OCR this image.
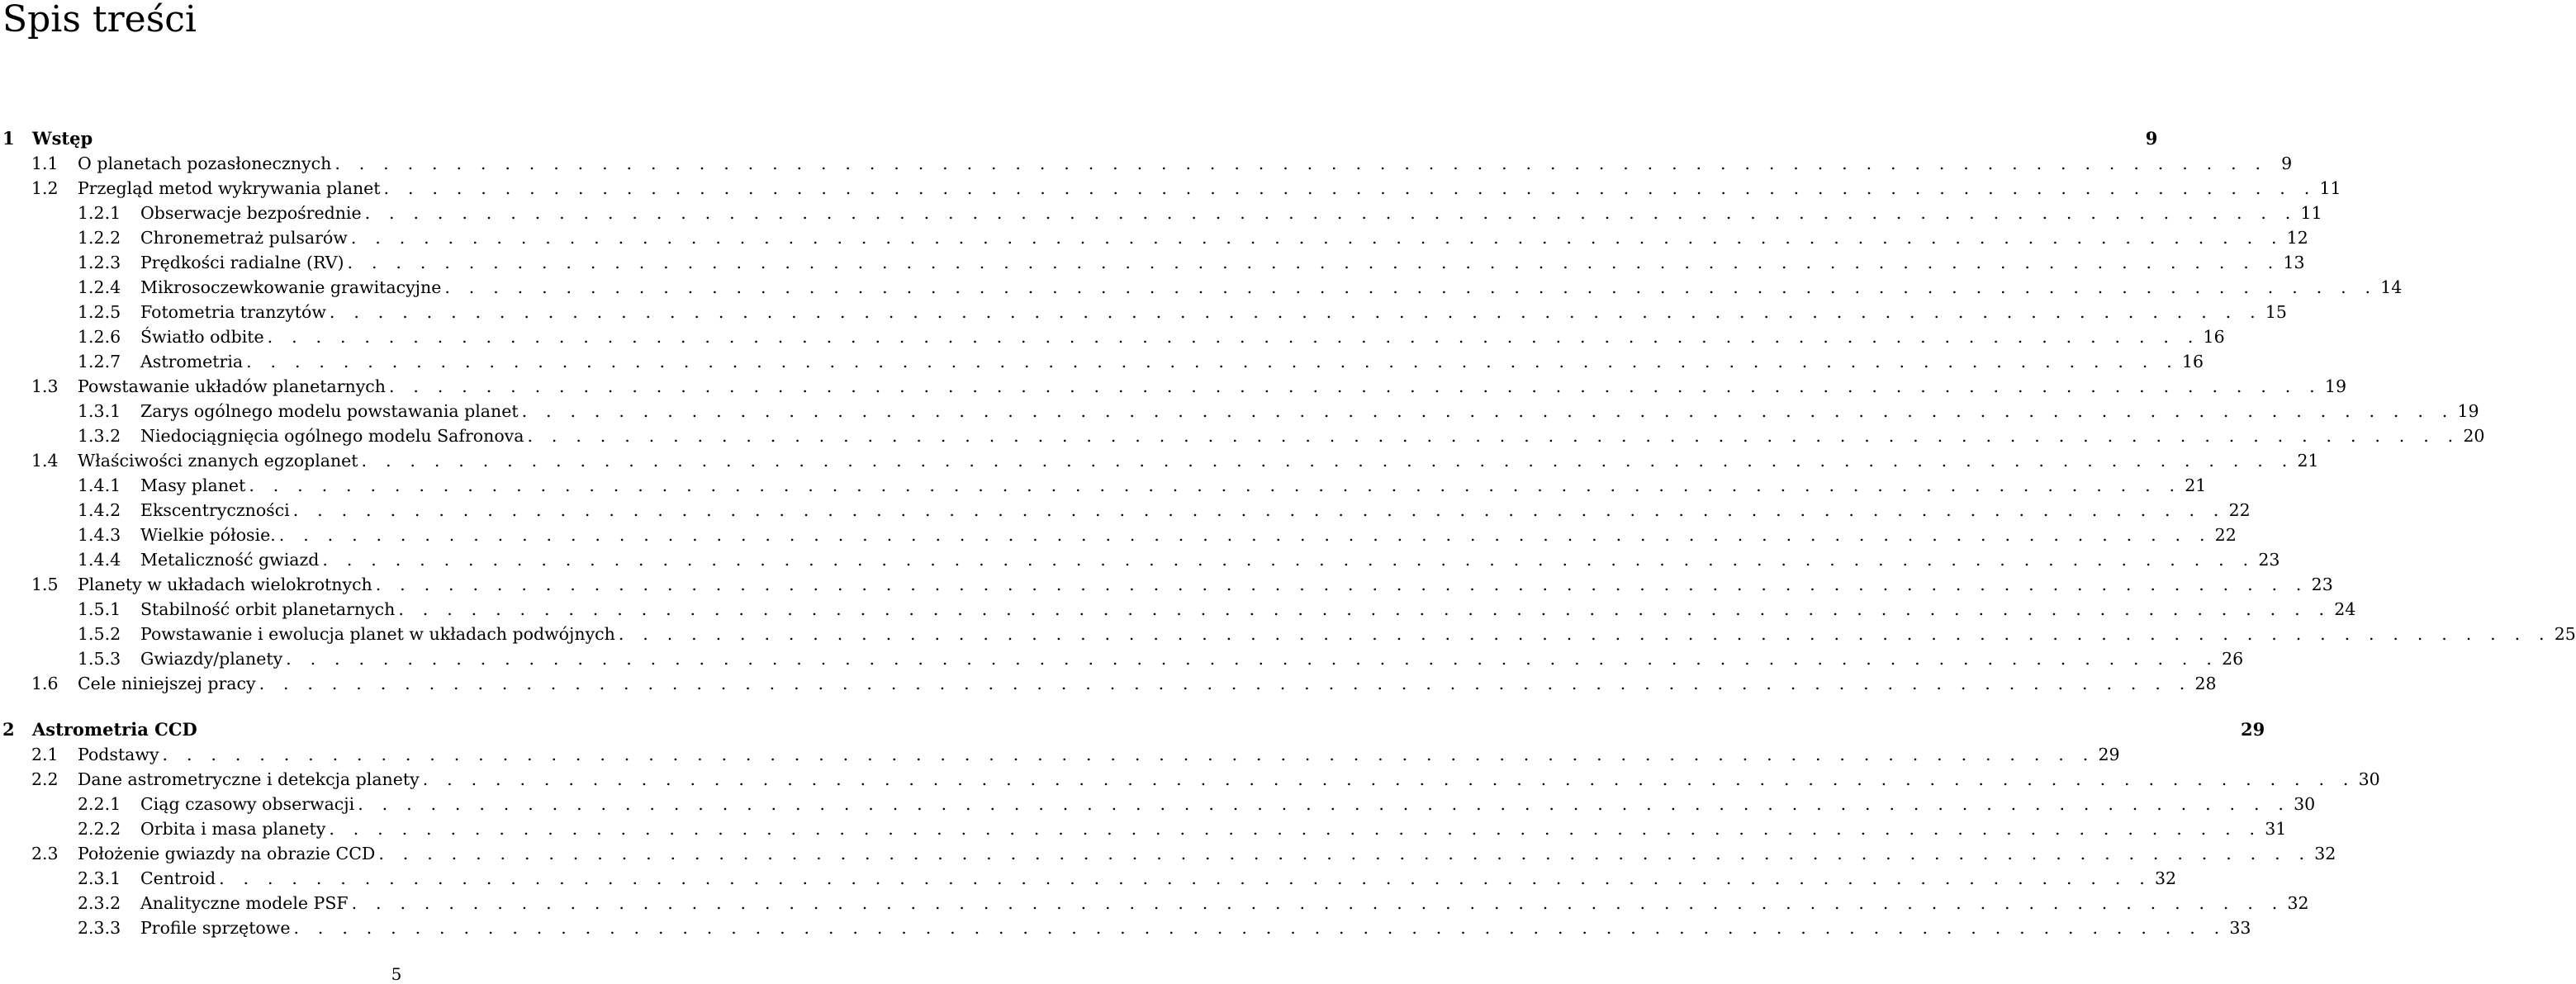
Spis treści
1	Wstęp	9
1.1	O planetach pozasłonecznych . . . . . . . . . . . . . . . . . . . . . . . . . . . . . . . . . . . . . . . . . . . . . . . . . . . . . . . . . . . . . . . . . . . . . . . . . . . . . . . . 9
1.2	Przegląd metod wykrywania planet . . . . . . . . . . . . . . . . . . . . . . . . . . . . . . . . . . . . . . . . . . . . . . . . . . . . . . . . . . . . . . . . . . . . . . . . . . . . . . . . 11
1.2.1	Obserwacje bezpośrednie . . . . . . . . . . . . . . . . . . . . . . . . . . . . . . . . . . . . . . . . . . . . . . . . . . . . . . . . . . . . . . . . . . . . . . . . . . . . . . . . 11
1.2.2	Chronemetraż pulsarów . . . . . . . . . . . . . . . . . . . . . . . . . . . . . . . . . . . . . . . . . . . . . . . . . . . . . . . . . . . . . . . . . . . . . . . . . . . . . . . . 12
1.2.3	Prędkości radialne (RV) . . . . . . . . . . . . . . . . . . . . . . . . . . . . . . . . . . . . . . . . . . . . . . . . . . . . . . . . . . . . . . . . . . . . . . . . . . . . . . . . 13
1.2.4	Mikrosoczewkowanie grawitacyjne . . . . . . . . . . . . . . . . . . . . . . . . . . . . . . . . . . . . . . . . . . . . . . . . . . . . . . . . . . . . . . . . . . . . . . . . . . . . . . . . 14
1.2.5	Fotometria tranzytów . . . . . . . . . . . . . . . . . . . . . . . . . . . . . . . . . . . . . . . . . . . . . . . . . . . . . . . . . . . . . . . . . . . . . . . . . . . . . . . . 15
1.2.6	Światło odbite . . . . . . . . . . . . . . . . . . . . . . . . . . . . . . . . . . . . . . . . . . . . . . . . . . . . . . . . . . . . . . . . . . . . . . . . . . . . . . . . 16
1.2.7	Astrometria . . . . . . . . . . . . . . . . . . . . . . . . . . . . . . . . . . . . . . . . . . . . . . . . . . . . . . . . . . . . . . . . . . . . . . . . . . . . . . . . 16
1.3	Powstawanie układów planetarnych . . . . . . . . . . . . . . . . . . . . . . . . . . . . . . . . . . . . . . . . . . . . . . . . . . . . . . . . . . . . . . . . . . . . . . . . . . . . . . . . 19
1.3.1	Zarys ogólnego modelu powstawania planet . . . . . . . . . . . . . . . . . . . . . . . . . . . . . . . . . . . . . . . . . . . . . . . . . . . . . . . . . . . . . . . . . . . . . . . . . . . . . . . . 19
1.3.2	Niedociągnięcia ogólnego modelu Safronova . . . . . . . . . . . . . . . . . . . . . . . . . . . . . . . . . . . . . . . . . . . . . . . . . . . . . . . . . . . . . . . . . . . . . . . . . . . . . . . . 20
1.4	Właściwości znanych egzoplanet . . . . . . . . . . . . . . . . . . . . . . . . . . . . . . . . . . . . . . . . . . . . . . . . . . . . . . . . . . . . . . . . . . . . . . . . . . . . . . . . 21
1.4.1	Masy planet . . . . . . . . . . . . . . . . . . . . . . . . . . . . . . . . . . . . . . . . . . . . . . . . . . . . . . . . . . . . . . . . . . . . . . . . . . . . . . . . 21
1.4.2	Ekscentryczności . . . . . . . . . . . . . . . . . . . . . . . . . . . . . . . . . . . . . . . . . . . . . . . . . . . . . . . . . . . . . . . . . . . . . . . . . . . . . . . . 22
1.4.3	Wielkie półosie. . . . . . . . . . . . . . . . . . . . . . . . . . . . . . . . . . . . . . . . . . . . . . . . . . . . . . . . . . . . . . . . . . . . . . . . . . . . . . . . . 22
1.4.4	Metaliczność gwiazd . . . . . . . . . . . . . . . . . . . . . . . . . . . . . . . . . . . . . . . . . . . . . . . . . . . . . . . . . . . . . . . . . . . . . . . . . . . . . . . . 23
1.5	Planety w układach wielokrotnych . . . . . . . . . . . . . . . . . . . . . . . . . . . . . . . . . . . . . . . . . . . . . . . . . . . . . . . . . . . . . . . . . . . . . . . . . . . . . . . . 23
1.5.1	Stabilność orbit planetarnych . . . . . . . . . . . . . . . . . . . . . . . . . . . . . . . . . . . . . . . . . . . . . . . . . . . . . . . . . . . . . . . . . . . . . . . . . . . . . . . . 24
1.5.2	Powstawanie i ewolucja planet w układach podwójnych . . . . . . . . . . . . . . . . . . . . . . . . . . . . . . . . . . . . . . . . . . . . . . . . . . . . . . . . . . . . . . . . . . . . . . . . . . . . . . . . 25
1.5.3	Gwiazdy/planety . . . . . . . . . . . . . . . . . . . . . . . . . . . . . . . . . . . . . . . . . . . . . . . . . . . . . . . . . . . . . . . . . . . . . . . . . . . . . . . . 26
1.6	Cele niniejszej pracy . . . . . . . . . . . . . . . . . . . . . . . . . . . . . . . . . . . . . . . . . . . . . . . . . . . . . . . . . . . . . . . . . . . . . . . . . . . . . . . . 28
2	Astrometria CCD	29
2.1	Podstawy . . . . . . . . . . . . . . . . . . . . . . . . . . . . . . . . . . . . . . . . . . . . . . . . . . . . . . . . . . . . . . . . . . . . . . . . . . . . . . . . 29
2.2	Dane astrometryczne i detekcja planety . . . . . . . . . . . . . . . . . . . . . . . . . . . . . . . . . . . . . . . . . . . . . . . . . . . . . . . . . . . . . . . . . . . . . . . . . . . . . . . . 30
2.2.1	Ciąg czasowy obserwacji . . . . . . . . . . . . . . . . . . . . . . . . . . . . . . . . . . . . . . . . . . . . . . . . . . . . . . . . . . . . . . . . . . . . . . . . . . . . . . . . 30
2.2.2	Orbita i masa planety . . . . . . . . . . . . . . . . . . . . . . . . . . . . . . . . . . . . . . . . . . . . . . . . . . . . . . . . . . . . . . . . . . . . . . . . . . . . . . . . 31
2.3	Położenie gwiazdy na obrazie CCD . . . . . . . . . . . . . . . . . . . . . . . . . . . . . . . . . . . . . . . . . . . . . . . . . . . . . . . . . . . . . . . . . . . . . . . . . . . . . . . . 32
2.3.1	Centroid . . . . . . . . . . . . . . . . . . . . . . . . . . . . . . . . . . . . . . . . . . . . . . . . . . . . . . . . . . . . . . . . . . . . . . . . . . . . . . . . 32
2.3.2	Analityczne modele PSF . . . . . . . . . . . . . . . . . . . . . . . . . . . . . . . . . . . . . . . . . . . . . . . . . . . . . . . . . . . . . . . . . . . . . . . . . . . . . . . . 32
2.3.3	Profile sprzętowe . . . . . . . . . . . . . . . . . . . . . . . . . . . . . . . . . . . . . . . . . . . . . . . . . . . . . . . . . . . . . . . . . . . . . . . . . . . . . . . . 33
5
